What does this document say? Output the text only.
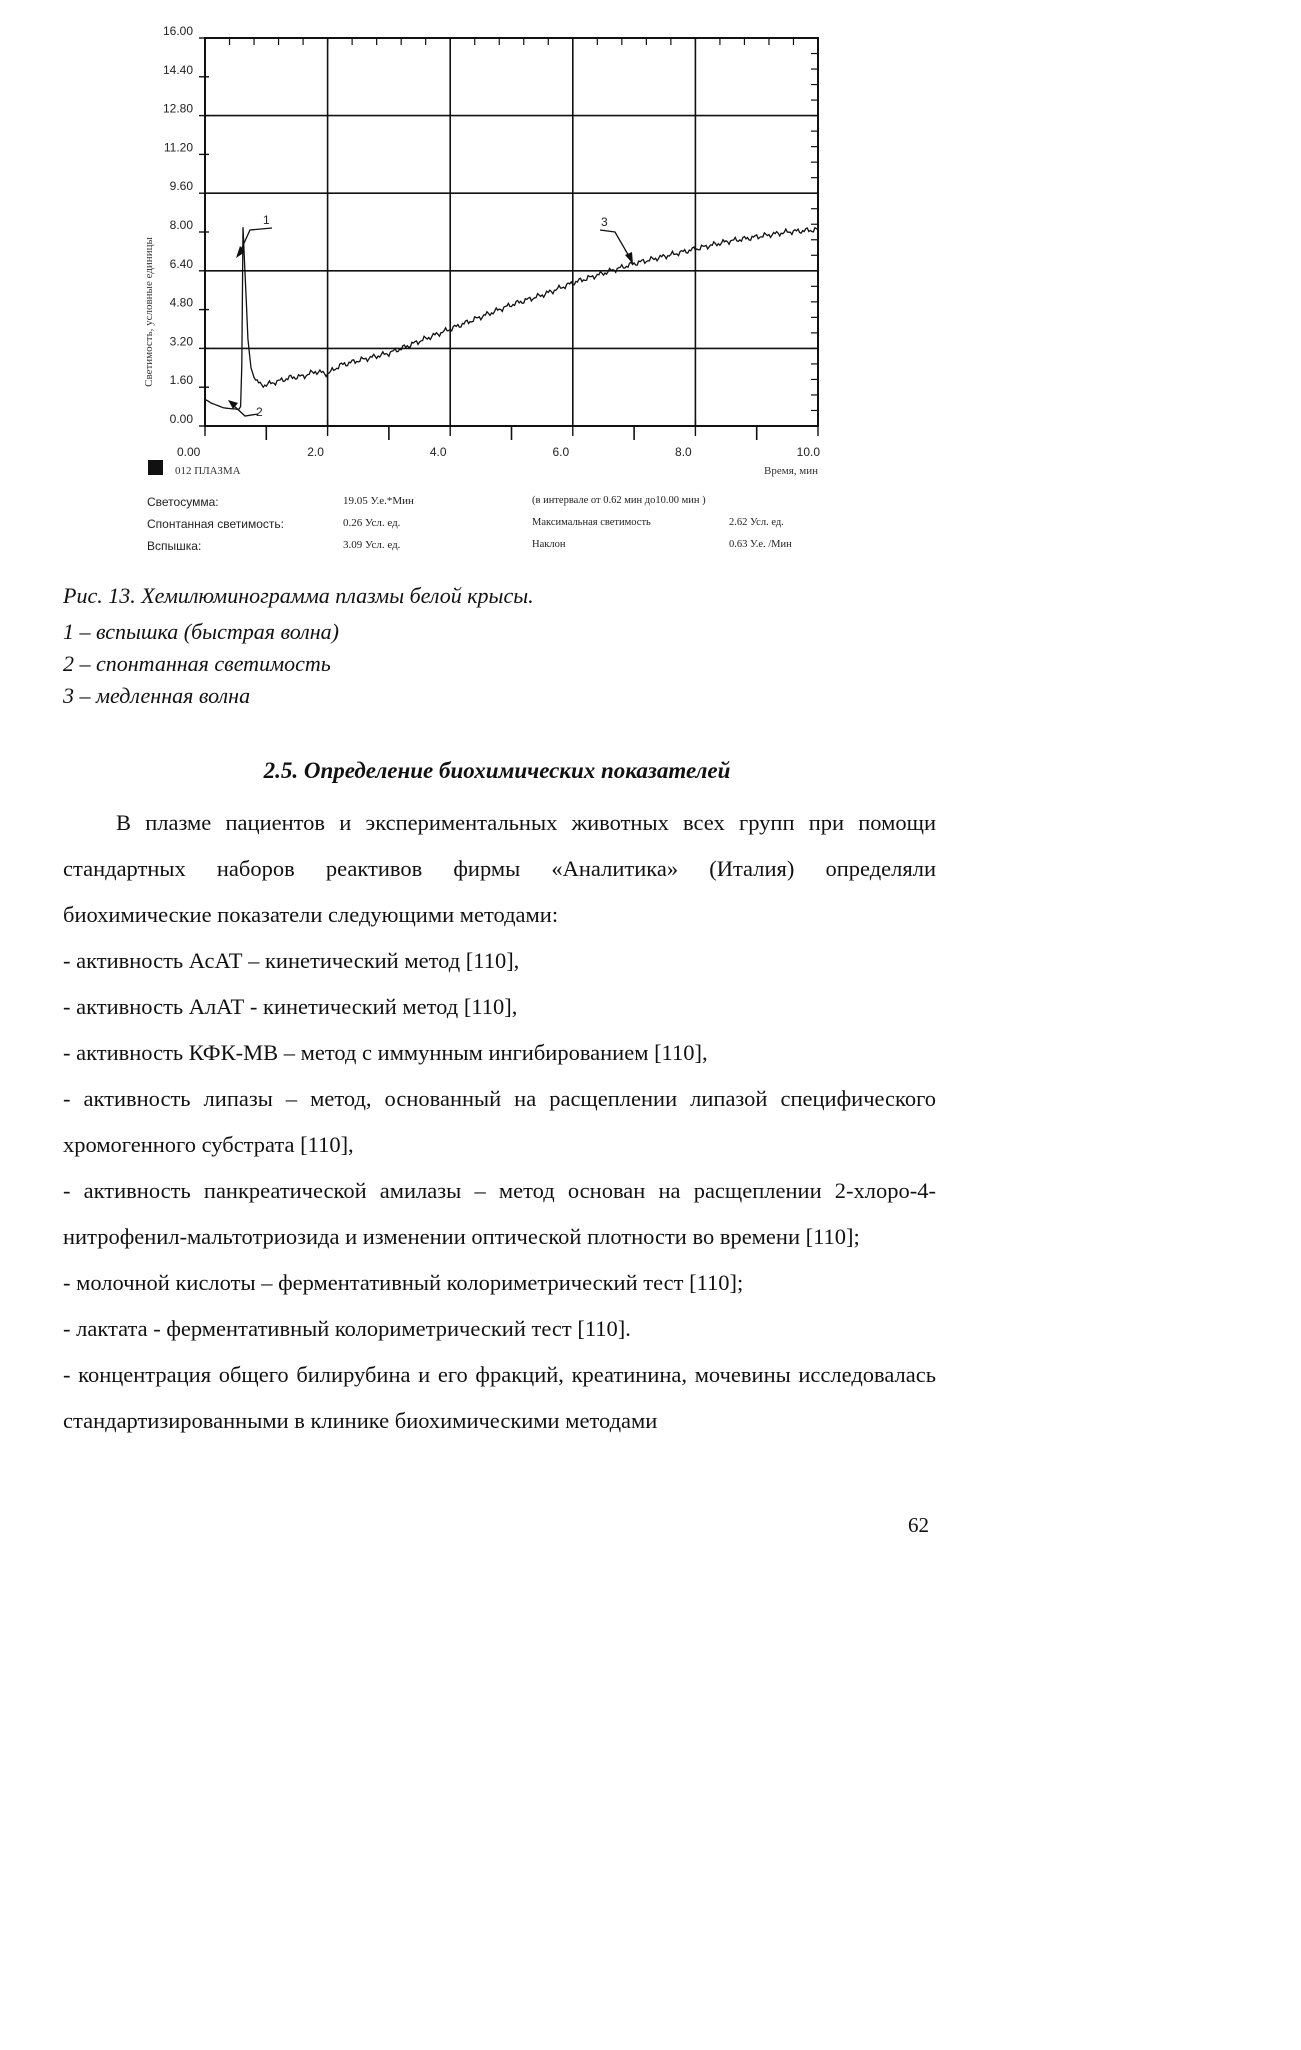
0.00
1.60
3.20
4.80
6.40
8.00
9.60
11.20
12.80
14.40
16.00
0.00	2.0	4.0	6.0	8.0	10.0
Светимость, условные единицы
Время, мин
012 ПЛАЗМА
1
2
3
Светосумма:	19.05 У.е.*Мин	(в интервале от 0.62 мин до10.00 мин )
Спонтанная светимость:	0.26 Усл. ед.	Максимальная светимость	2.62 Усл. ед.
Вспышка:	3.09 Усл. ед.	Наклон	0.63 У.е. /Мин
Рис. 13. Хемилюминограмма плазмы белой крысы.
1 – вспышка (быстрая волна)
2 – спонтанная светимость
3 – медленная волна
2.5. Определение биохимических показателей

В плазме пациентов и экспериментальных животных всех групп при помощи стандартных наборов реактивов фирмы «Аналитика» (Италия) определяли биохимические показатели следующими методами:

- активность АсАТ – кинетический метод [110],

- активность АлАТ - кинетический метод [110],

- активность КФК-МВ – метод с иммунным ингибированием [110],

- активность липазы – метод, основанный на расщеплении липазой специфического хромогенного субстрата [110],

- активность панкреатической амилазы – метод основан на расщеплении 2-хлоро-4-нитрофенил-мальтотриозида и изменении оптической плотности во времени [110];

- молочной кислоты – ферментативный колориметрический тест [110];

- лактата - ферментативный колориметрический тест [110].

- концентрация общего билирубина и его фракций, креатинина, мочевины исследовалась стандартизированными в клинике биохимическими методами

62
